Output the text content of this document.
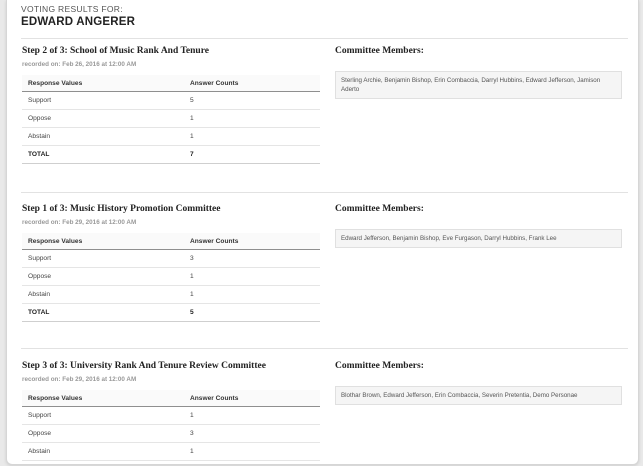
VOTING RESULTS FOR:
EDWARD ANGERER
Step 2 of 3: School of Music Rank And Tenure
recorded on: Feb 26, 2016 at 12:00 AM
Response Values	Answer Counts
Support	5
Oppose	1
Abstain	1
TOTAL	7
Committee Members:
Sterling Archie, Benjamin Bishop, Erin Combaccia, Darryl Hubbins, Edward Jefferson, Jamison Aderto
Step 1 of 3: Music History Promotion Committee
recorded on: Feb 29, 2016 at 12:00 AM
Response Values	Answer Counts
Support	3
Oppose	1
Abstain	1
TOTAL	5
Committee Members:
Edward Jefferson, Benjamin Bishop, Eve Furgason, Darryl Hubbins, Frank Lee
Step 3 of 3: University Rank And Tenure Review Committee
recorded on: Feb 29, 2016 at 12:00 AM
Response Values	Answer Counts
Support	1
Oppose	3
Abstain	1
Committee Members:
Blothar Brown, Edward Jefferson, Erin Combaccia, Severin Pretentia, Demo Personae
